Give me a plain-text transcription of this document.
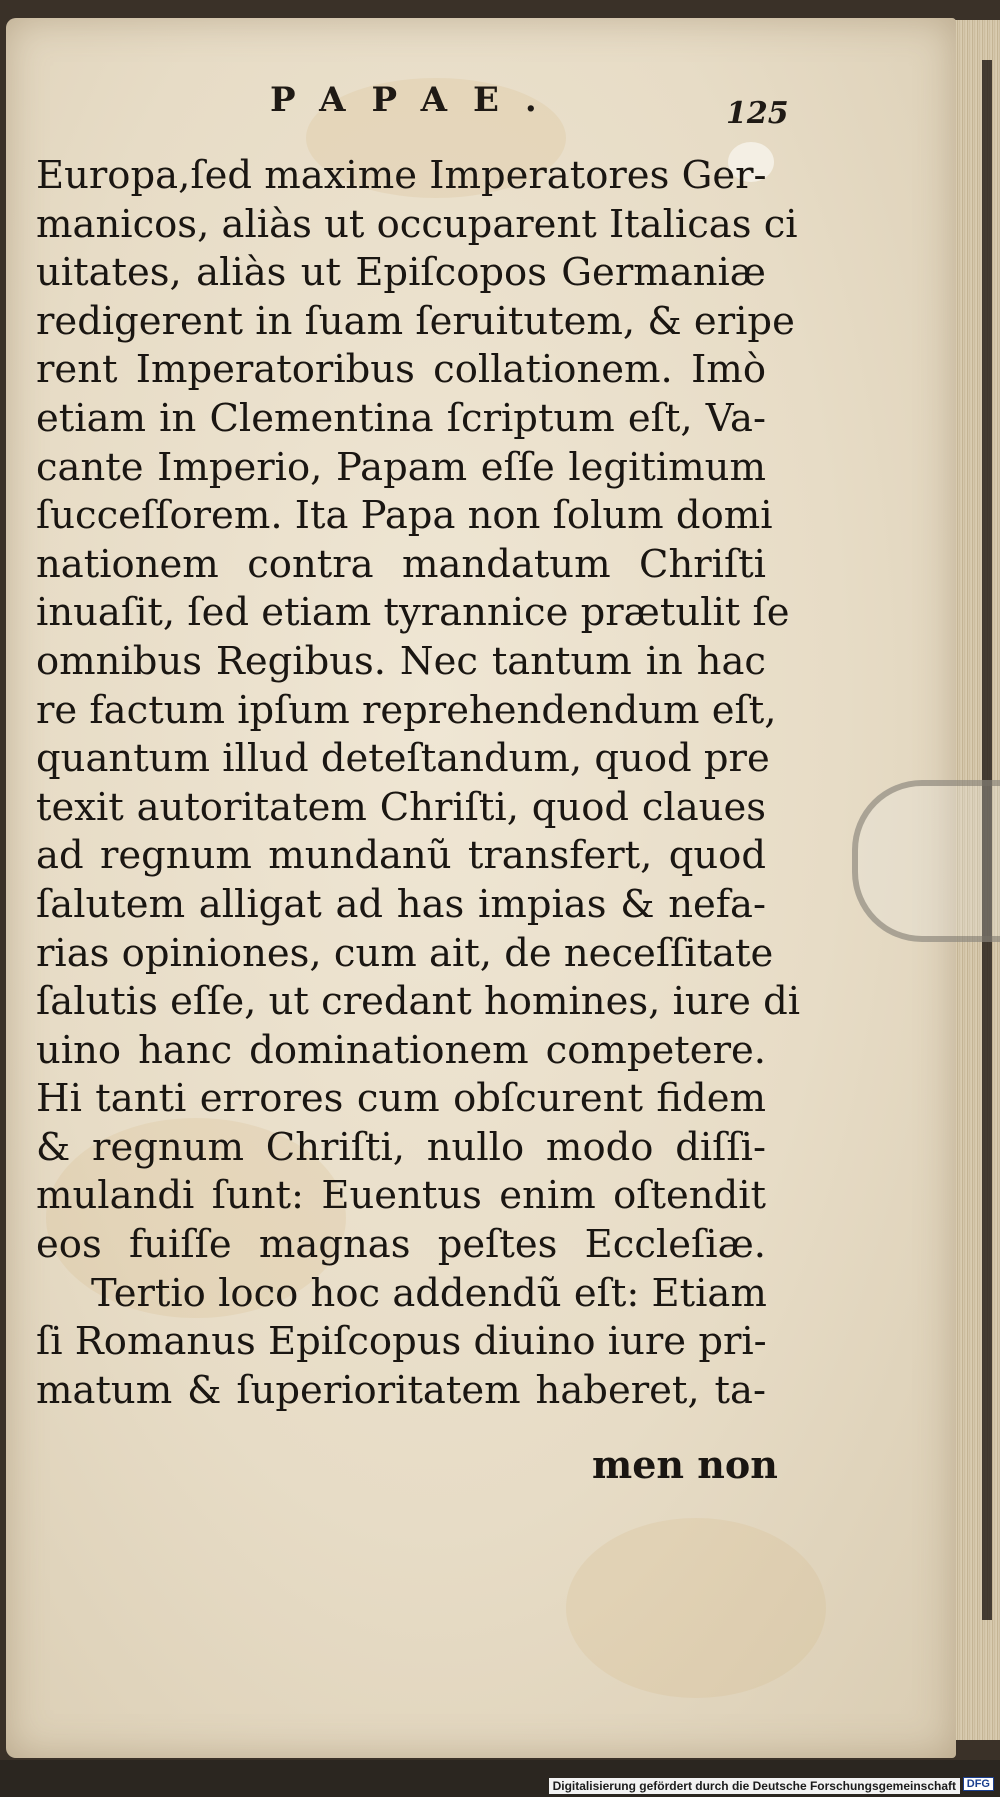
PAPAE.	125
Europa,ſed maxime Imperatores Ger-
manicos, aliàs ut occuparent Italicas ci
uitates, aliàs ut Epiſcopos Germaniæ
redigerent in ſuam ſeruitutem, & eripe
rent Imperatoribus collationem. Imò
etiam in Clementina ſcriptum eſt, Va-
cante Imperio, Papam eſſe legitimum
ſucceſſorem. Ita Papa non ſolum domi
nationem contra mandatum Chriſti
inuaſit, ſed etiam tyrannice prætulit ſe
omnibus Regibus. Nec tantum in hac
re factum ipſum reprehendendum eſt,
quantum illud deteſtandum, quod pre
texit autoritatem Chriſti, quod claues
ad regnum mundanũ transfert, quod
ſalutem alligat ad has impias & nefa-
rias opiniones, cum ait, de neceſſitate
ſalutis eſſe, ut credant homines, iure di
uino hanc dominationem competere.
Hi tanti errores cum obſcurent fidem
& regnum Chriſti, nullo modo diſſi-
mulandi ſunt: Euentus enim oſtendit
eos fuiſſe magnas peſtes Eccleſiæ.
Tertio loco hoc addendũ eſt: Etiam
ſi Romanus Epiſcopus diuino iure pri-
matum & ſuperioritatem haberet, ta-
men non
Digitalisierung gefördert durch die Deutsche Forschungsgemeinschaft DFG
